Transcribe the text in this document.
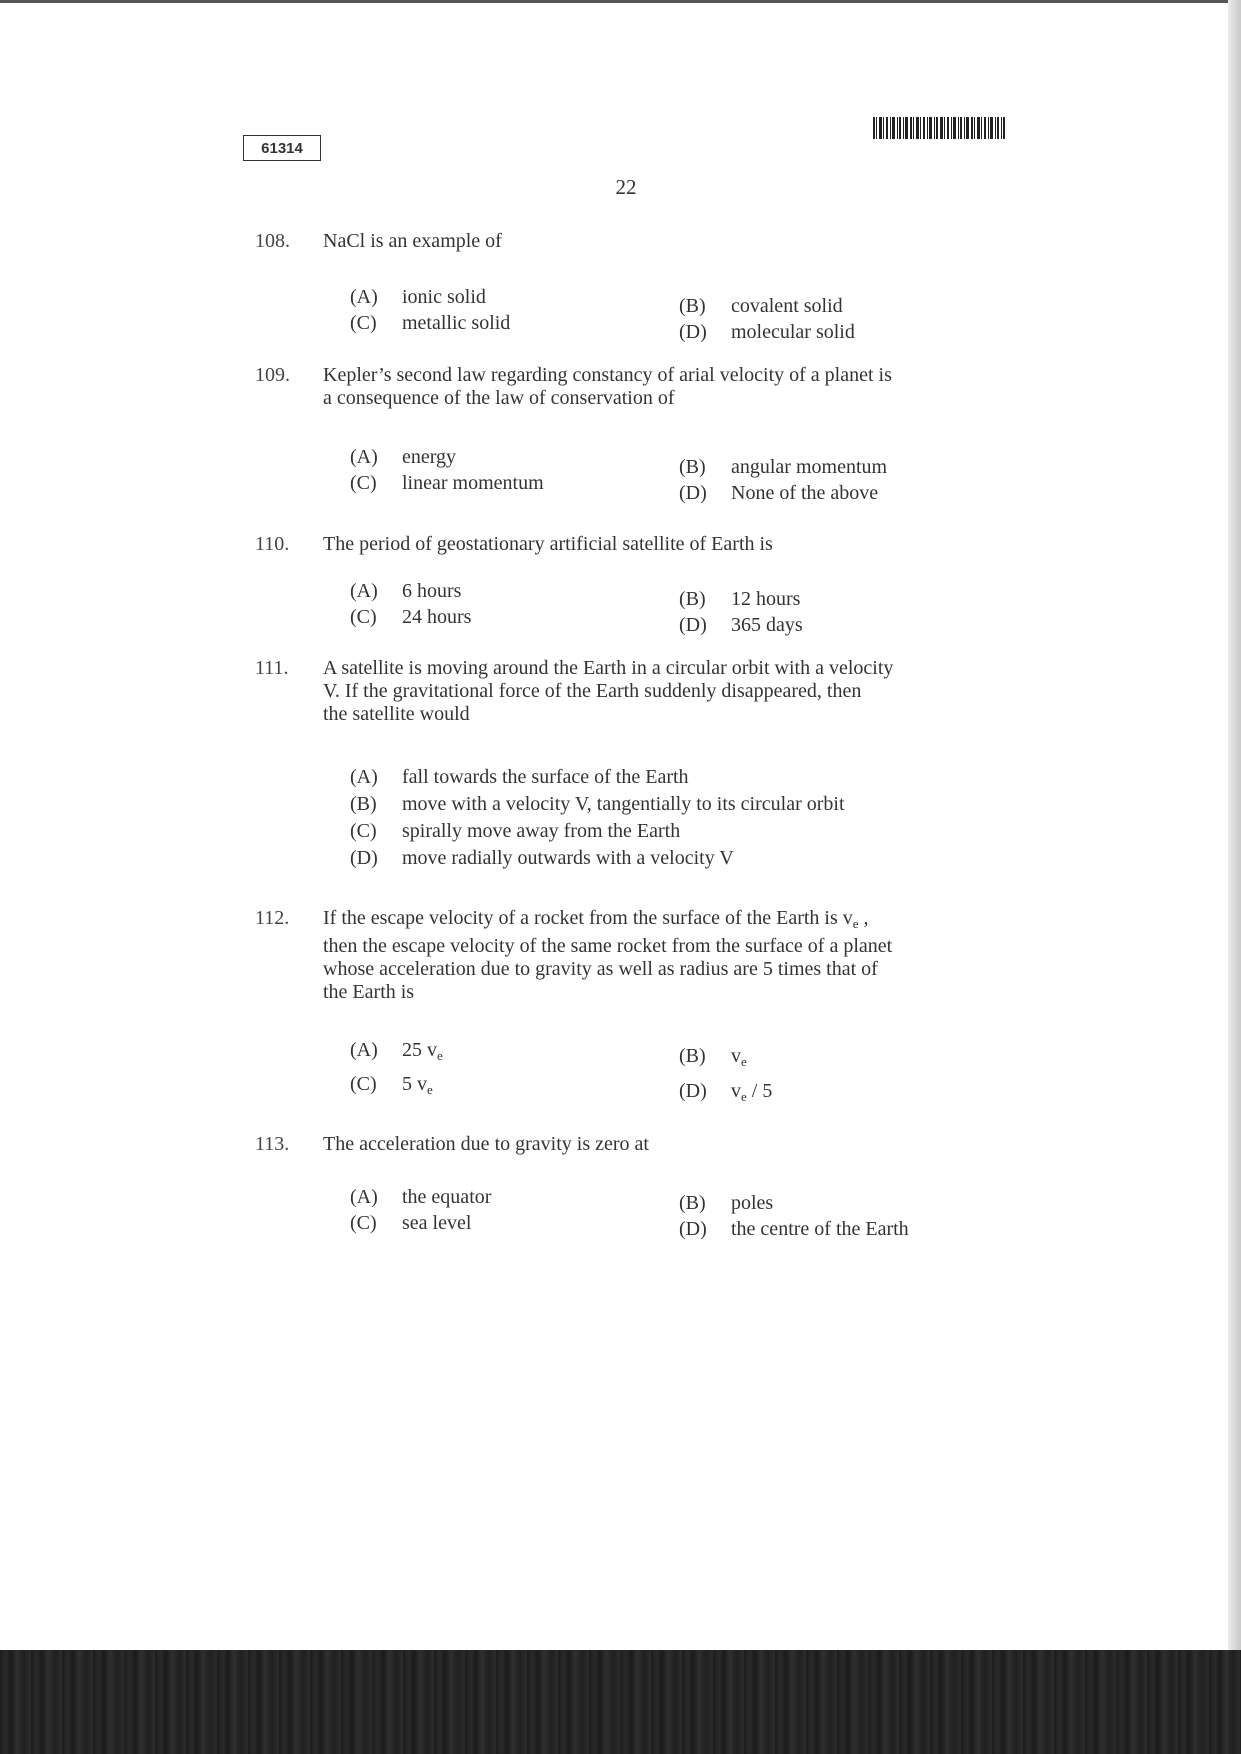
61314
22
108. NaCl is an example of
(A) ionic solid	(B) covalent solid
(C) metallic solid	(D) molecular solid
109. Kepler’s second law regarding constancy of arial velocity of a planet is
a consequence of the law of conservation of
(A) energy	(B) angular momentum
(C) linear momentum	(D) None of the above
110. The period of geostationary artificial satellite of Earth is
(A) 6 hours	(B) 12 hours
(C) 24 hours	(D) 365 days
111. A satellite is moving around the Earth in a circular orbit with a velocity
V. If the gravitational force of the Earth suddenly disappeared, then
the satellite would
(A) fall towards the surface of the Earth
(B) move with a velocity V, tangentially to its circular orbit
(C) spirally move away from the Earth
(D) move radially outwards with a velocity V
112. If the escape velocity of a rocket from the surface of the Earth is $v_e$ ,
then the escape velocity of the same rocket from the surface of a planet
whose acceleration due to gravity as well as radius are 5 times that of
the Earth is
(A) 25 $v_e$	(B) $v_e$
(C) 5 $v_e$	(D) $v_e / 5$
113. The acceleration due to gravity is zero at
(A) the equator	(B) poles
(C) sea level	(D) the centre of the Earth
